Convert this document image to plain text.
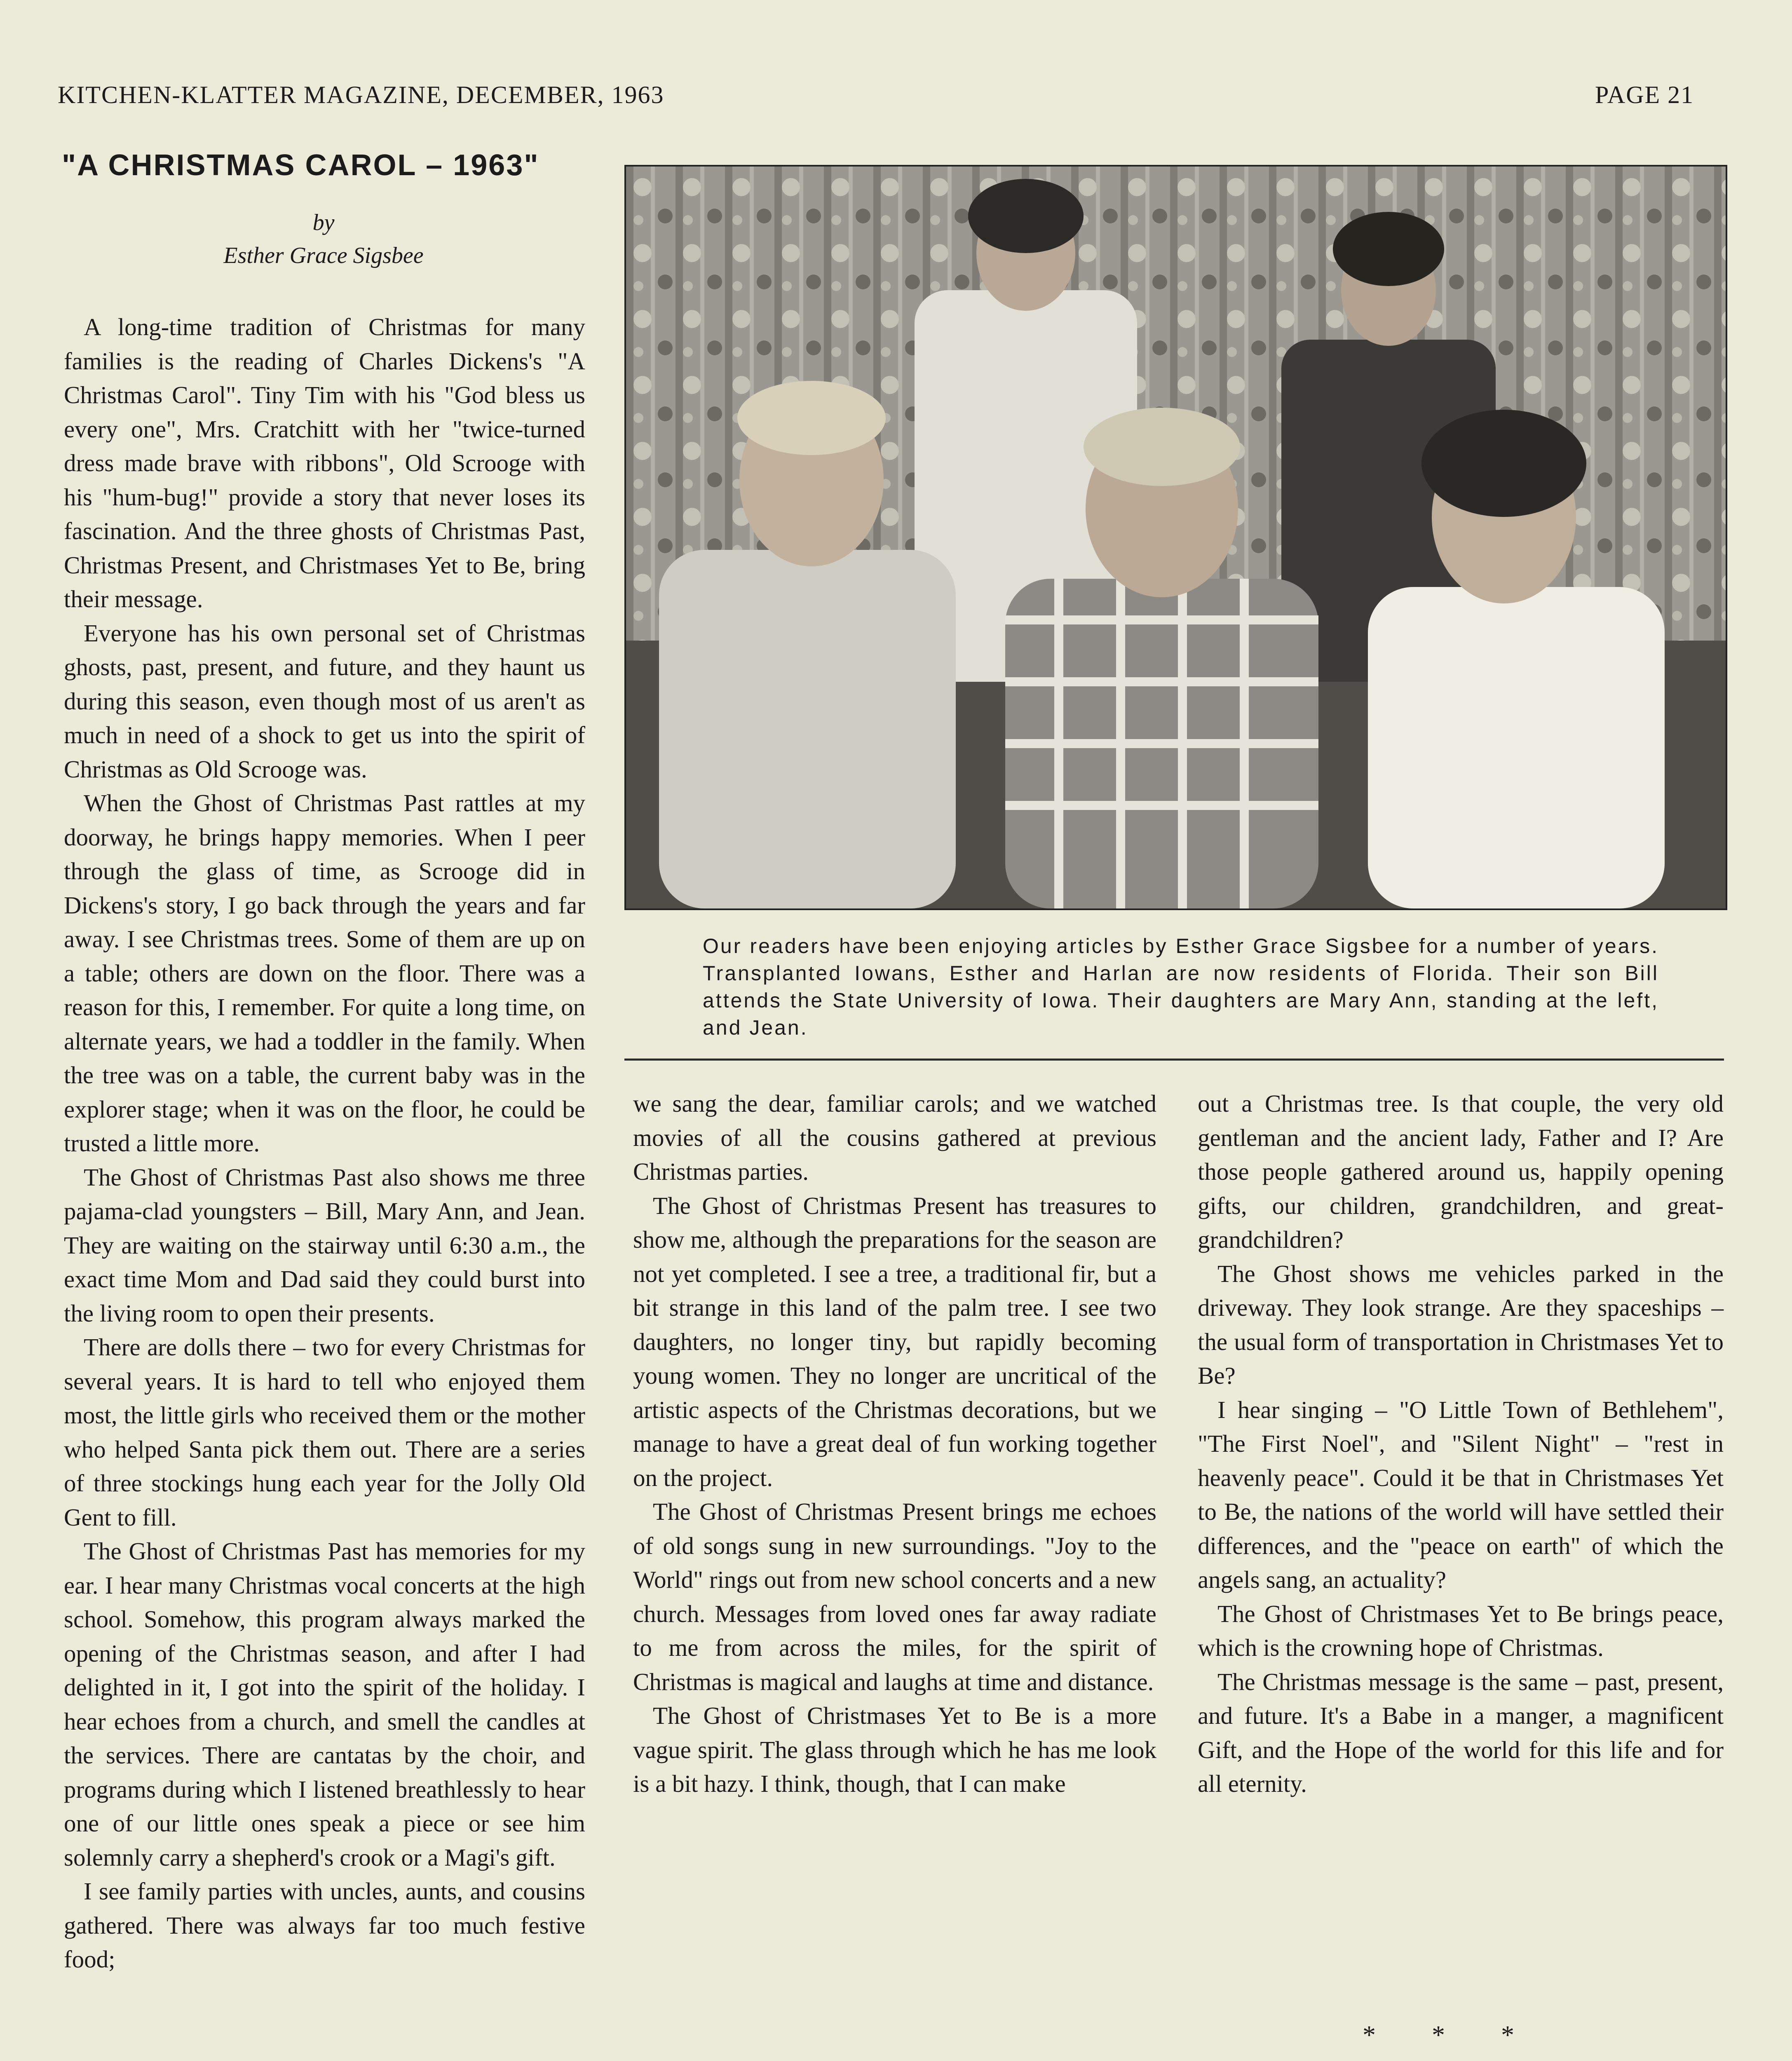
KITCHEN-KLATTER MAGAZINE, DECEMBER, 1963	PAGE 21
"A CHRISTMAS CAROL – 1963"
by
Esther Grace Sigsbee

A long-time tradition of Christmas for many families is the reading of Charles Dickens's "A Christmas Carol". Tiny Tim with his "God bless us every one", Mrs. Cratchitt with her "twice-turned dress made brave with ribbons", Old Scrooge with his "hum-bug!" provide a story that never loses its fascination. And the three ghosts of Christmas Past, Christmas Present, and Christmases Yet to Be, bring their message.

Everyone has his own personal set of Christmas ghosts, past, present, and future, and they haunt us during this season, even though most of us aren't as much in need of a shock to get us into the spirit of Christmas as Old Scrooge was.

When the Ghost of Christmas Past rattles at my doorway, he brings happy memories. When I peer through the glass of time, as Scrooge did in Dickens's story, I go back through the years and far away. I see Christmas trees. Some of them are up on a table; others are down on the floor. There was a reason for this, I remember. For quite a long time, on alternate years, we had a toddler in the family. When the tree was on a table, the current baby was in the explorer stage; when it was on the floor, he could be trusted a little more.

The Ghost of Christmas Past also shows me three pajama-clad youngsters – Bill, Mary Ann, and Jean. They are waiting on the stairway until 6:30 a.m., the exact time Mom and Dad said they could burst into the living room to open their presents.

There are dolls there – two for every Christmas for several years. It is hard to tell who enjoyed them most, the little girls who received them or the mother who helped Santa pick them out. There are a series of three stockings hung each year for the Jolly Old Gent to fill.

The Ghost of Christmas Past has memories for my ear. I hear many Christmas vocal concerts at the high school. Somehow, this program always marked the opening of the Christmas season, and after I had delighted in it, I got into the spirit of the holiday. I hear echoes from a church, and smell the candles at the services. There are cantatas by the choir, and programs during which I listened breathlessly to hear one of our little ones speak a piece or see him solemnly carry a shepherd's crook or a Magi's gift.

I see family parties with uncles, aunts, and cousins gathered. There was always far too much festive food;

Our readers have been enjoying articles by Esther Grace Sigsbee for a number of years. Transplanted Iowans, Esther and Harlan are now residents of Florida. Their son Bill attends the State University of Iowa. Their daughters are Mary Ann, standing at the left, and Jean.

we sang the dear, familiar carols; and we watched movies of all the cousins gathered at previous Christmas parties.

The Ghost of Christmas Present has treasures to show me, although the preparations for the season are not yet completed. I see a tree, a traditional fir, but a bit strange in this land of the palm tree. I see two daughters, no longer tiny, but rapidly becoming young women. They no longer are uncritical of the artistic aspects of the Christmas decorations, but we manage to have a great deal of fun working together on the project.

The Ghost of Christmas Present brings me echoes of old songs sung in new surroundings. "Joy to the World" rings out from new school concerts and a new church. Messages from loved ones far away radiate to me from across the miles, for the spirit of Christmas is magical and laughs at time and distance.

The Ghost of Christmases Yet to Be is a more vague spirit. The glass through which he has me look is a bit hazy. I think, though, that I can make

out a Christmas tree. Is that couple, the very old gentleman and the ancient lady, Father and I? Are those people gathered around us, happily opening gifts, our children, grandchildren, and great-grandchildren?

The Ghost shows me vehicles parked in the driveway. They look strange. Are they spaceships – the usual form of transportation in Christmases Yet to Be?

I hear singing – "O Little Town of Bethlehem", "The First Noel", and "Silent Night" – "rest in heavenly peace". Could it be that in Christmases Yet to Be, the nations of the world will have settled their differences, and the "peace on earth" of which the angels sang, an actuality?

The Ghost of Christmases Yet to Be brings peace, which is the crowning hope of Christmas.

The Christmas message is the same – past, present, and future. It's a Babe in a manger, a magnificent Gift, and the Hope of the world for this life and for all eternity.

* * *
